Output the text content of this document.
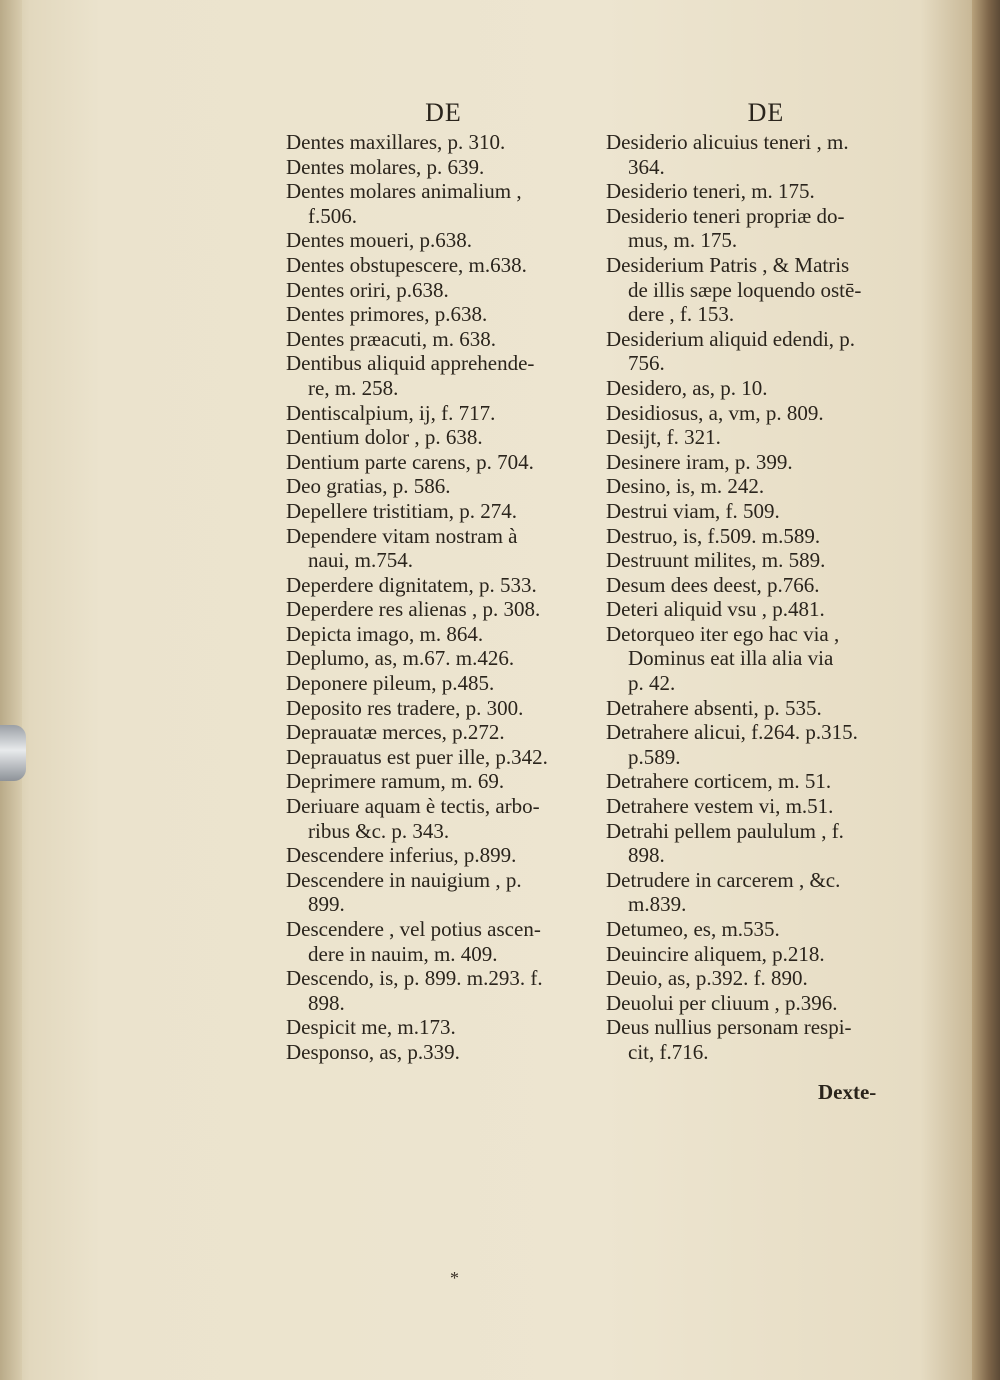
DE

Dentes maxillares, p. 310.

Dentes molares, p. 639.

Dentes molares animalium ,
f.506.

Dentes moueri, p.638.

Dentes obstupescere, m.638.

Dentes oriri, p.638.

Dentes primores, p.638.

Dentes præacuti, m. 638.

Dentibus aliquid apprehende-
re, m. 258.

Dentiscalpium, ij, f. 717.

Dentium dolor , p. 638.

Dentium parte carens, p. 704.

Deo gratias, p. 586.

Depellere tristitiam, p. 274.

Dependere vitam nostram à
naui, m.754.

Deperdere dignitatem, p. 533.

Deperdere res alienas , p. 308.

Depicta imago, m. 864.

Deplumo, as, m.67. m.426.

Deponere pileum, p.485.

Deposito res tradere, p. 300.

Deprauatæ merces, p.272.

Deprauatus est puer ille, p.342.

Deprimere ramum, m. 69.

Deriuare aquam è tectis, arbo-
ribus &c. p. 343.

Descendere inferius, p.899.

Descendere in nauigium , p.
899.

Descendere , vel potius ascen-
dere in nauim, m. 409.

Descendo, is, p. 899. m.293. f.
898.

Despicit me, m.173.

Desponso, as, p.339.

DE

Desiderio alicuius teneri , m.
364.

Desiderio teneri, m. 175.

Desiderio teneri propriæ do-
mus, m. 175.

Desiderium Patris , & Matris
de illis sæpe loquendo ostē-
dere , f. 153.

Desiderium aliquid edendi, p.
756.

Desidero, as, p. 10.

Desidiosus, a, vm, p. 809.

Desijt, f. 321.

Desinere iram, p. 399.

Desino, is, m. 242.

Destrui viam, f. 509.

Destruo, is, f.509. m.589.

Destruunt milites, m. 589.

Desum dees deest, p.766.

Deteri aliquid vsu , p.481.

Detorqueo iter ego hac via ,
Dominus eat illa alia via
p. 42.

Detrahere absenti, p. 535.

Detrahere alicui, f.264. p.315.
p.589.

Detrahere corticem, m. 51.

Detrahere vestem vi, m.51.

Detrahi pellem paululum , f.
898.

Detrudere in carcerem , &c.
m.839.

Detumeo, es, m.535.

Deuincire aliquem, p.218.

Deuio, as, p.392. f. 890.

Deuolui per cliuum , p.396.

Deus nullius personam respi-
cit, f.716.

Dexte-
*
